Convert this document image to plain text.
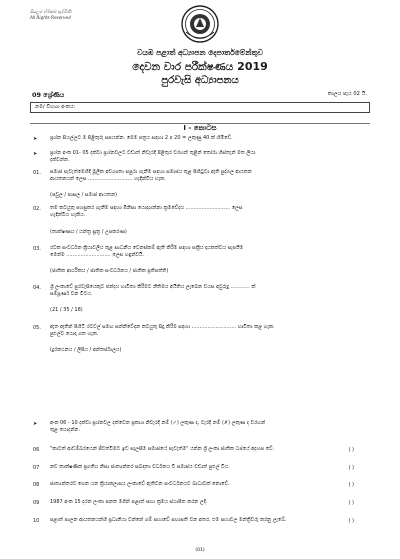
සියලුම හිමිකම් ඇවිරිණි
All Rights Reserved
වයඹ පළාත් අධ්‍යාපන දෙපාර්තමේන්තුව
දෙවන වාර පරීක්ෂණය 2019
පුරවැසි අධ්‍යාපනය
09 ශ්‍රේණිය	කාලය පැය 02 යි.
නම/ විභාග අංකය:
I - කොටස
➤	ප්‍රශ්න සියල්ලට ම පිළිතුරු සපයන්න. මෙම පත්‍රය සඳහා 2 x 20 = ලකුණු 40 ක් හිමිවේ.
➤	ප්‍රශ්න අංක 01- 05 දක්වා ප්‍රශ්නවලට වඩාත් නිවැරදි පිළිතුර වරහන් තුළින් තෝරා හිස්තැන් මත ලියා
දක්වන්න.
01. සමාජ පැවැත්මෙහිදී මූලික අවශ්‍යතා සපුරා ගැනීම සඳහා සමාජය තුළ පිහිටුවා ඇති පුද්ගල ආයතන
ආයතනයන් ලෙස ............................ හැඳින්විය හැක.
(පවුල / පාසල / සමාජ ආයතන)
02. තම කටයුතු පහසුකර ගැනීම සඳහා මිනිසා යොදාගන්නා ක්‍රමවේදය ............................ ලෙස
හැඳින්විය හැකිය.
(තාක්ෂණය / යන්ත්‍ර සූත්‍ර / උපකරණ)
03. රටක සංවර්ධන ක්‍රියාවලිය තුළ සාධනීය වෙනස්කම් ඇති කිරීම සඳහා සක්‍රීය දායකත්වය සැපයීම
මෙන්ම ............................ ලෙස හඳුන්වයි.
(ජාතික ආර්ථිකය / ජාතික සංවර්ධනය / ජාතික ප්‍රතිපත්ති)
04. ශ්‍රී ලංකාවේ පුරවැසියෙකුට ඡන්දය භාවිතා කිරීමට නීතිමය අයිතිය ලැබෙන වයස අවුරුදු ............ ක්
සම්පූර්ණ වන විටය.
(21 / 35 / 18)
05. ඇත ඈතින් පිහිටි රටවල් සමඟ සන්නිවේදන කටයුතු සිදු කිරීම සඳහා ............................ භාවිතා කළ හැක.
පුළුල්ව යොදා ගත හැක.
(දුරකථනය / ලිපිය / අන්තර්ජාලය)
➤	අංක 06 - 10 දක්වා ප්‍රශ්නවල දක්වෙන ප්‍රකාශ නිවැරදි නම් (✓) ලකුණ ද, වැරදි නම් (✗) ලකුණ ද වරහන්
තුළ යොදන්න.
06 "කාටත් ආඩම්බරයෙන් ජීවත්වීමට ඉඩ සැලසීම සමාජයේ පැවැත්ම" යන්න ශ්‍රී ලංකා ජාතික ධජයේ අදහස වේ.	( )
07 නව තාක්ෂණික ප්‍රගතිය නිසා ජාත්‍යන්තර සබඳතා වර්ධනය වී සමාජය වඩාත් පුළුල් විය.	( )
08 ජාත්‍යන්තරව ගෙන යන ක්‍රියාකලාපය ලංකාවේ ඇතිවන සංවර්ධනයට බාධාවක් නොවේ.	( )
09 1987 අංක 15 දරන ලංකා පනත මගින් පළාත් සභා ක්‍රමය ස්ථාපිත කරන ලදී.	( )
10 පළාත් පාලන ආයතනයන්හි ප්‍රධානියා වන්නේ ගම් සභාවේ සභාපති වන අතර, එම සභාවල මන්ත්‍රීවරු කරනු ලැබේ.	( )
(01)
